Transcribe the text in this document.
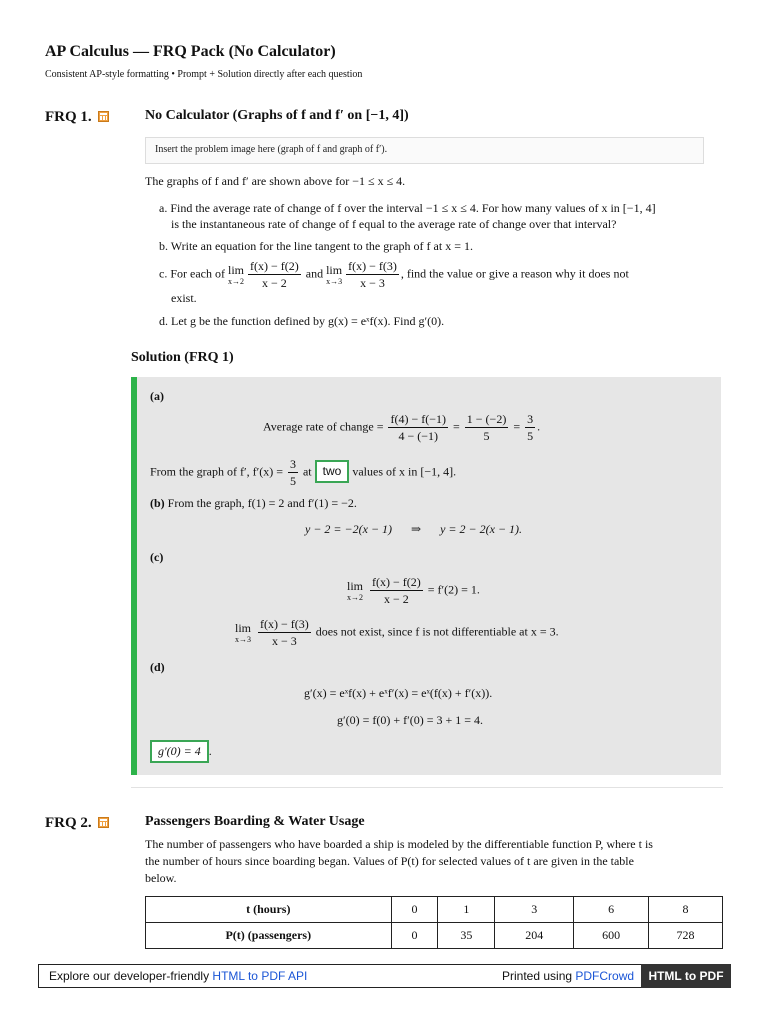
AP Calculus — FRQ Pack (No Calculator)
Consistent AP-style formatting • Prompt + Solution directly after each question
FRQ 1.	No Calculator (Graphs of f and f′ on [−1, 4])
Insert the problem image here (graph of f and graph of f′).
The graphs of f and f′ are shown above for −1 ≤ x ≤ 4.
a. Find the average rate of change of f over the interval −1 ≤ x ≤ 4. For how many values of x in [−1, 4]
is the instantaneous rate of change of f equal to the average rate of change over that interval?
b. Write an equation for the line tangent to the graph of f at x = 1.
c. For each of lim
$x\to 2 \frac{f(x) - f(2)}{x - 2}$ and lim
$x\to 3 \frac{f(x) - f(3)}{x - 3}$ , find the value or give a reason why it does not
exist.
d. Let g be the function defined by g(x) = eˣf(x). Find g′(0).
Solution (FRQ 1)
(a)
Average rate of change = $\frac{f(4) - f(-1)}{4 - (-1)} = \frac{1 - (-2)}{5} = \frac{3}{5}$ .
From the graph of f′, $f'(x) = \frac{3}{5}$ at two values of x in [−1, 4].
(b) From the graph, f(1) = 2 and f′(1) = −2.
y − 2 = −2(x − 1) ⇒ y = 2 − 2(x − 1).
(c)
lim
x→2
$\frac{f(x) - f(2)}{x - 2} = f'(2) = 1$.
lim
x→3
$\frac{f(x) - f(3)}{x - 3}$ does not exist, since f is not differentiable at x = 3.
(d)
g′(x) = eˣf(x) + eˣf′(x) = eˣ(f(x) + f′(x)).
g′(0) = f(0) + f′(0) = 3 + 1 = 4.
g′(0) = 4 .
FRQ 2.	Passengers Boarding & Water Usage
The number of passengers who have boarded a ship is modeled by the differentiable function P, where t is
the number of hours since boarding began. Values of P(t) for selected values of t are given in the table
below.
t (hours)	0	1	3	6	8
P(t) (passengers)	0	35	204	600	728
Explore our developer-friendly HTML to PDF API	Printed using PDFCrowd	HTML to PDF
